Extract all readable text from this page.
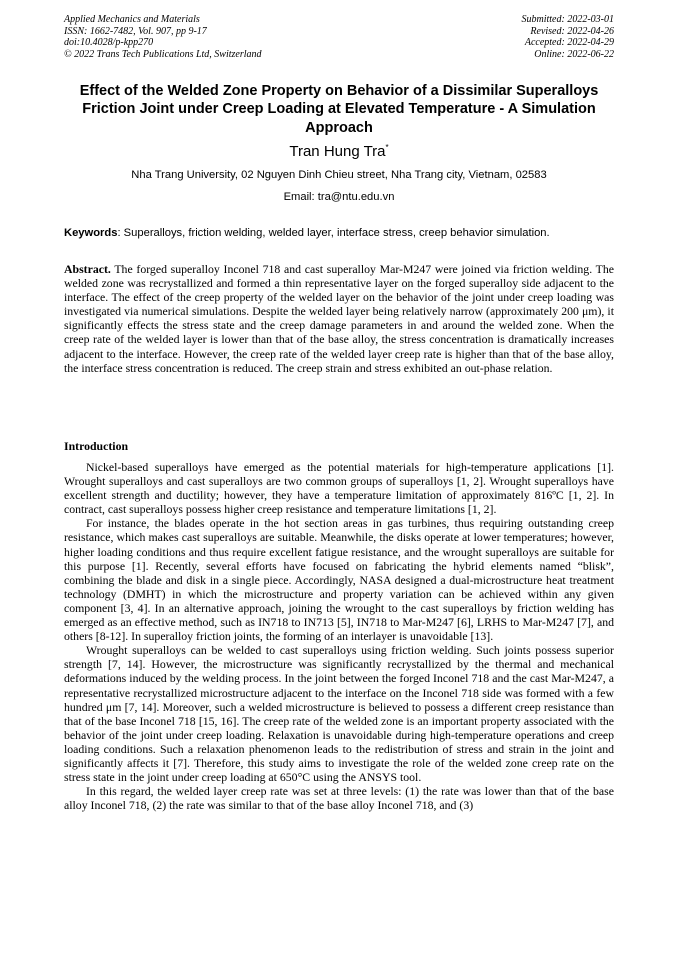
Applied Mechanics and Materials
ISSN: 1662-7482, Vol. 907, pp 9-17
doi:10.4028/p-kpp270
© 2022 Trans Tech Publications Ltd, Switzerland
Submitted: 2022-03-01
Revised: 2022-04-26
Accepted: 2022-04-29
Online: 2022-06-22
Effect of the Welded Zone Property on Behavior of a Dissimilar Superalloys Friction Joint under Creep Loading at Elevated Temperature - A Simulation Approach
Tran Hung Tra*
Nha Trang University, 02 Nguyen Dinh Chieu street, Nha Trang city, Vietnam, 02583
Email: tra@ntu.edu.vn
Keywords: Superalloys, friction welding, welded layer, interface stress, creep behavior simulation.
Abstract. The forged superalloy Inconel 718 and cast superalloy Mar-M247 were joined via friction welding. The welded zone was recrystallized and formed a thin representative layer on the forged superalloy side adjacent to the interface. The effect of the creep property of the welded layer on the behavior of the joint under creep loading was investigated via numerical simulations. Despite the welded layer being relatively narrow (approximately 200 μm), it significantly effects the stress state and the creep damage parameters in and around the welded zone. When the creep rate of the welded layer is lower than that of the base alloy, the stress concentration is dramatically increases adjacent to the interface. However, the creep rate of the welded layer creep rate is higher than that of the base alloy, the interface stress concentration is reduced. The creep strain and stress exhibited an out-phase relation.
Introduction

Nickel-based superalloys have emerged as the potential materials for high-temperature applications [1]. Wrought superalloys and cast superalloys are two common groups of superalloys [1, 2]. Wrought superalloys have excellent strength and ductility; however, they have a temperature limitation of approximately 816ºC [1, 2]. In contract, cast superalloys possess higher creep resistance and temperature limitations [1, 2].

For instance, the blades operate in the hot section areas in gas turbines, thus requiring outstanding creep resistance, which makes cast superalloys are suitable. Meanwhile, the disks operate at lower temperatures; however, higher loading conditions and thus require excellent fatigue resistance, and the wrought superalloys are suitable for this purpose [1]. Recently, several efforts have focused on fabricating the hybrid elements named “blisk”, combining the blade and disk in a single piece. Accordingly, NASA designed a dual-microstructure heat treatment technology (DMHT) in which the microstructure and property variation can be achieved within any given component [3, 4]. In an alternative approach, joining the wrought to the cast superalloys by friction welding has emerged as an effective method, such as IN718 to IN713 [5], IN718 to Mar-M247 [6], LRHS to Mar-M247 [7], and others [8-12]. In superalloy friction joints, the forming of an interlayer is unavoidable [13].

Wrought superalloys can be welded to cast superalloys using friction welding. Such joints possess superior strength [7, 14]. However, the microstructure was significantly recrystallized by the thermal and mechanical deformations induced by the welding process. In the joint between the forged Inconel 718 and the cast Mar-M247, a representative recrystallized microstructure adjacent to the interface on the Inconel 718 side was formed with a few hundred μm [7, 14]. Moreover, such a welded microstructure is believed to possess a different creep resistance than that of the base Inconel 718 [15, 16]. The creep rate of the welded zone is an important property associated with the behavior of the joint under creep loading. Relaxation is unavoidable during high-temperature operations and creep loading conditions. Such a relaxation phenomenon leads to the redistribution of stress and strain in the joint and significantly affects it [7]. Therefore, this study aims to investigate the role of the welded zone creep rate on the stress state in the joint under creep loading at 650°C using the ANSYS tool.

In this regard, the welded layer creep rate was set at three levels: (1) the rate was lower than that of the base alloy Inconel 718, (2) the rate was similar to that of the base alloy Inconel 718, and (3)
